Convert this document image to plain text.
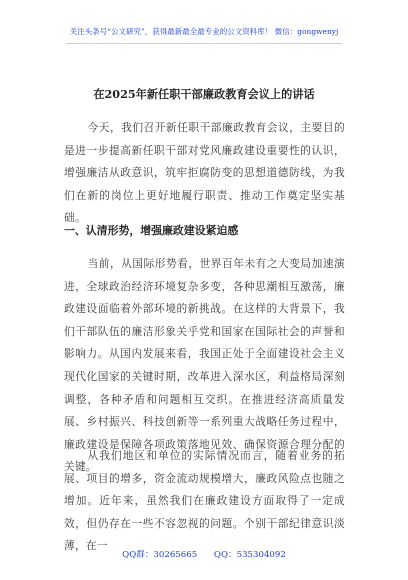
关注头条号“公文研究”，获得最新最全最专业的公文资料库！ 微信：gongwenyj
在2025年新任职干部廉政教育会议上的讲话

今天，我们召开新任职干部廉政教育会议，主要目的是进一步提高新任职干部对党风廉政建设重要性的认识，增强廉洁从政意识，筑牢拒腐防变的思想道德防线，为我们在新的岗位上更好地履行职责、推动工作奠定坚实基础。

一、认清形势，增强廉政建设紧迫感

当前，从国际形势看，世界百年未有之大变局加速演进，全球政治经济环境复杂多变，各种思潮相互激荡，廉政建设面临着外部环境的新挑战。在这样的大背景下，我们干部队伍的廉洁形象关乎党和国家在国际社会的声誉和影响力。从国内发展来看，我国正处于全面建设社会主义现代化国家的关键时期，改革进入深水区，利益格局深刻调整，各种矛盾和问题相互交织。在推进经济高质量发展、乡村振兴、科技创新等一系列重大战略任务过程中，廉政建设是保障各项政策落地见效、确保资源合理分配的关键。

从我们地区和单位的实际情况而言，随着业务的拓展、项目的增多，资金流动规模增大，廉政风险点也随之增加。近年来，虽然我们在廉政建设方面取得了一定成效，但仍存在一些不容忽视的问题。个别干部纪律意识淡薄，在一

QQ群：30265665 QQ：535304092
